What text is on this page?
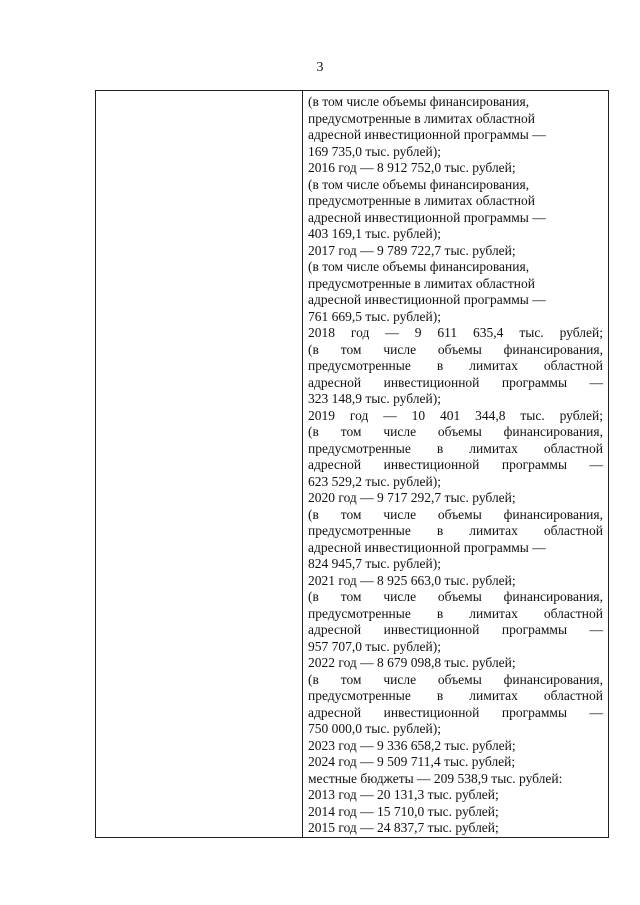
3
(в том числе объемы финансирования,
предусмотренные в лимитах областной
адресной инвестиционной программы —
169 735,0 тыс. рублей);
2016 год — 8 912 752,0 тыс. рублей;
(в том числе объемы финансирования,
предусмотренные в лимитах областной
адресной инвестиционной программы —
403 169,1 тыс. рублей);
2017 год — 9 789 722,7 тыс. рублей;
(в том числе объемы финансирования,
предусмотренные в лимитах областной
адресной инвестиционной программы —
761 669,5 тыс. рублей);
2018 год — 9 611 635,4 тыс. рублей;
(в том числе объемы финансирования,
предусмотренные в лимитах областной
адресной инвестиционной программы —
323 148,9 тыс. рублей);
2019 год — 10 401 344,8 тыс. рублей;
(в том числе объемы финансирования,
предусмотренные в лимитах областной
адресной инвестиционной программы —
623 529,2 тыс. рублей);
2020 год — 9 717 292,7 тыс. рублей;
(в том числе объемы финансирования,
предусмотренные в лимитах областной
адресной инвестиционной программы —
824 945,7 тыс. рублей);
2021 год — 8 925 663,0 тыс. рублей;
(в том числе объемы финансирования,
предусмотренные в лимитах областной
адресной инвестиционной программы —
957 707,0 тыс. рублей);
2022 год — 8 679 098,8 тыс. рублей;
(в том числе объемы финансирования,
предусмотренные в лимитах областной
адресной инвестиционной программы —
750 000,0 тыс. рублей);
2023 год — 9 336 658,2 тыс. рублей;
2024 год — 9 509 711,4 тыс. рублей;
местные бюджеты — 209 538,9 тыс. рублей:
2013 год — 20 131,3 тыс. рублей;
2014 год — 15 710,0 тыс. рублей;
2015 год — 24 837,7 тыс. рублей;
